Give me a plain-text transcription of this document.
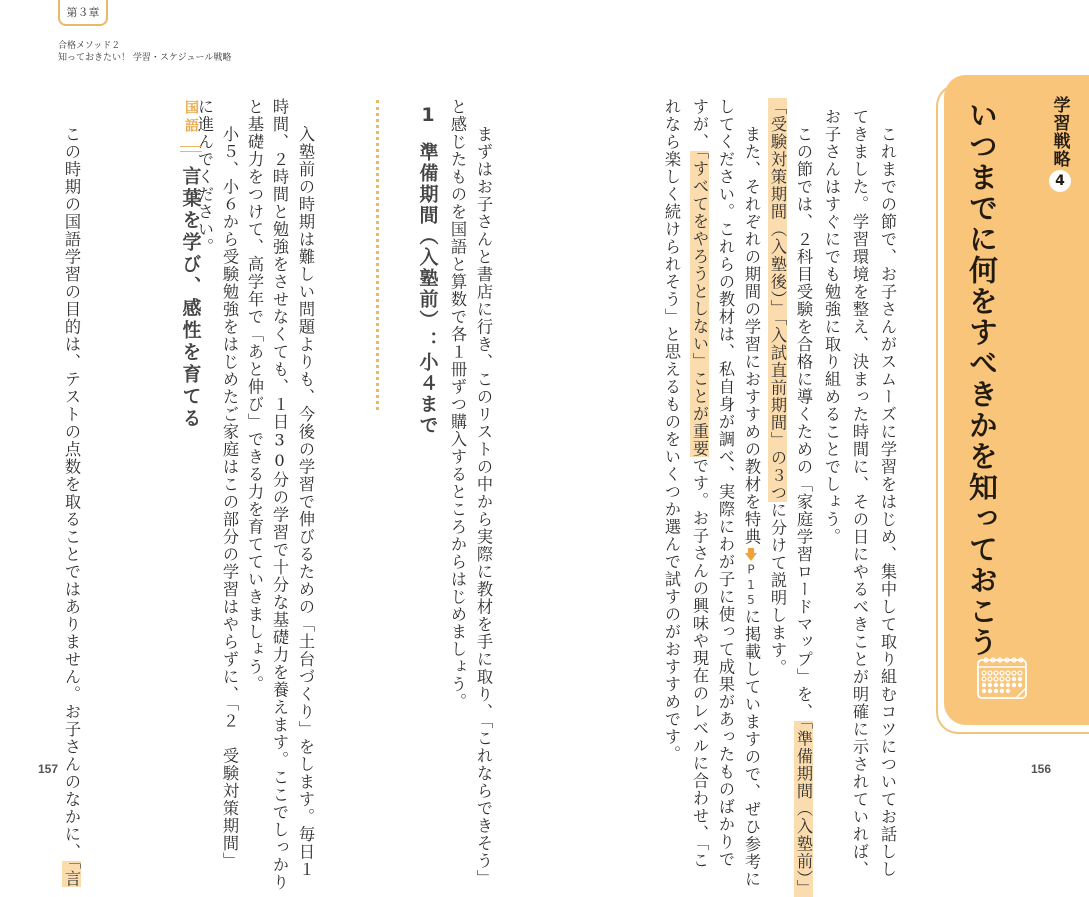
第３章
合格メソッド２
知っておきたい！ 学習・スケジュール戦略
学習戦略
4
いつまでに何をすべきかを知っておこう
　これまでの節で、お子さんがスムーズに学習をはじめ、集中して取り組むコツについてお話しし
てきました。学習環境を整え、決まった時間に、その日にやるべきことが明確に示されていれば、
お子さんはすぐにでも勉強に取り組めることでしょう。
　この節では、２科目受験を合格に導くための「家庭学習ロードマップ」を、「準備期間（入塾前）」
「受験対策期間（入塾後）」「入試直前期間」の３つに分けて説明します。
　また、それぞれの期間の学習におすすめの教材を特典
P15に掲載していますので、ぜひ参考に
してください。これらの教材は、私自身が調べ、実際にわが子に使って成果があったものばかりで
すが、「すべてをやろうとしない」ことが重要です。お子さんの興味や現在のレベルに合わせ、「こ
れなら楽しく続けられそう」と思えるものをいくつか選んで試すのがおすすめです。
156
　まずはお子さんと書店に行き、このリストの中から実際に教材を手に取り、「これならできそう」
と感じたものを国語と算数で各１冊ずつ購入するところからはじめましょう。
1
準備期間（入塾前）：小４まで
　入塾前の時期は難しい問題よりも、今後の学習で伸びるための「土台づくり」をします。毎日１
時間、２時間と勉強をさせなくても、１日30分の学習で十分な基礎力を養えます。ここでしっかり
と基礎力をつけて、高学年で「あと伸び」できる力を育てていきましょう。
　小５、小６から受験勉強をはじめたご家庭はこの部分の学習はやらずに、「２　受験対策期間」
に進んでください。
国語
言葉を学び、感性を育てる
　この時期の国語学習の目的は、テストの点数を取ることではありません。お子さんのなかに、「言
157
